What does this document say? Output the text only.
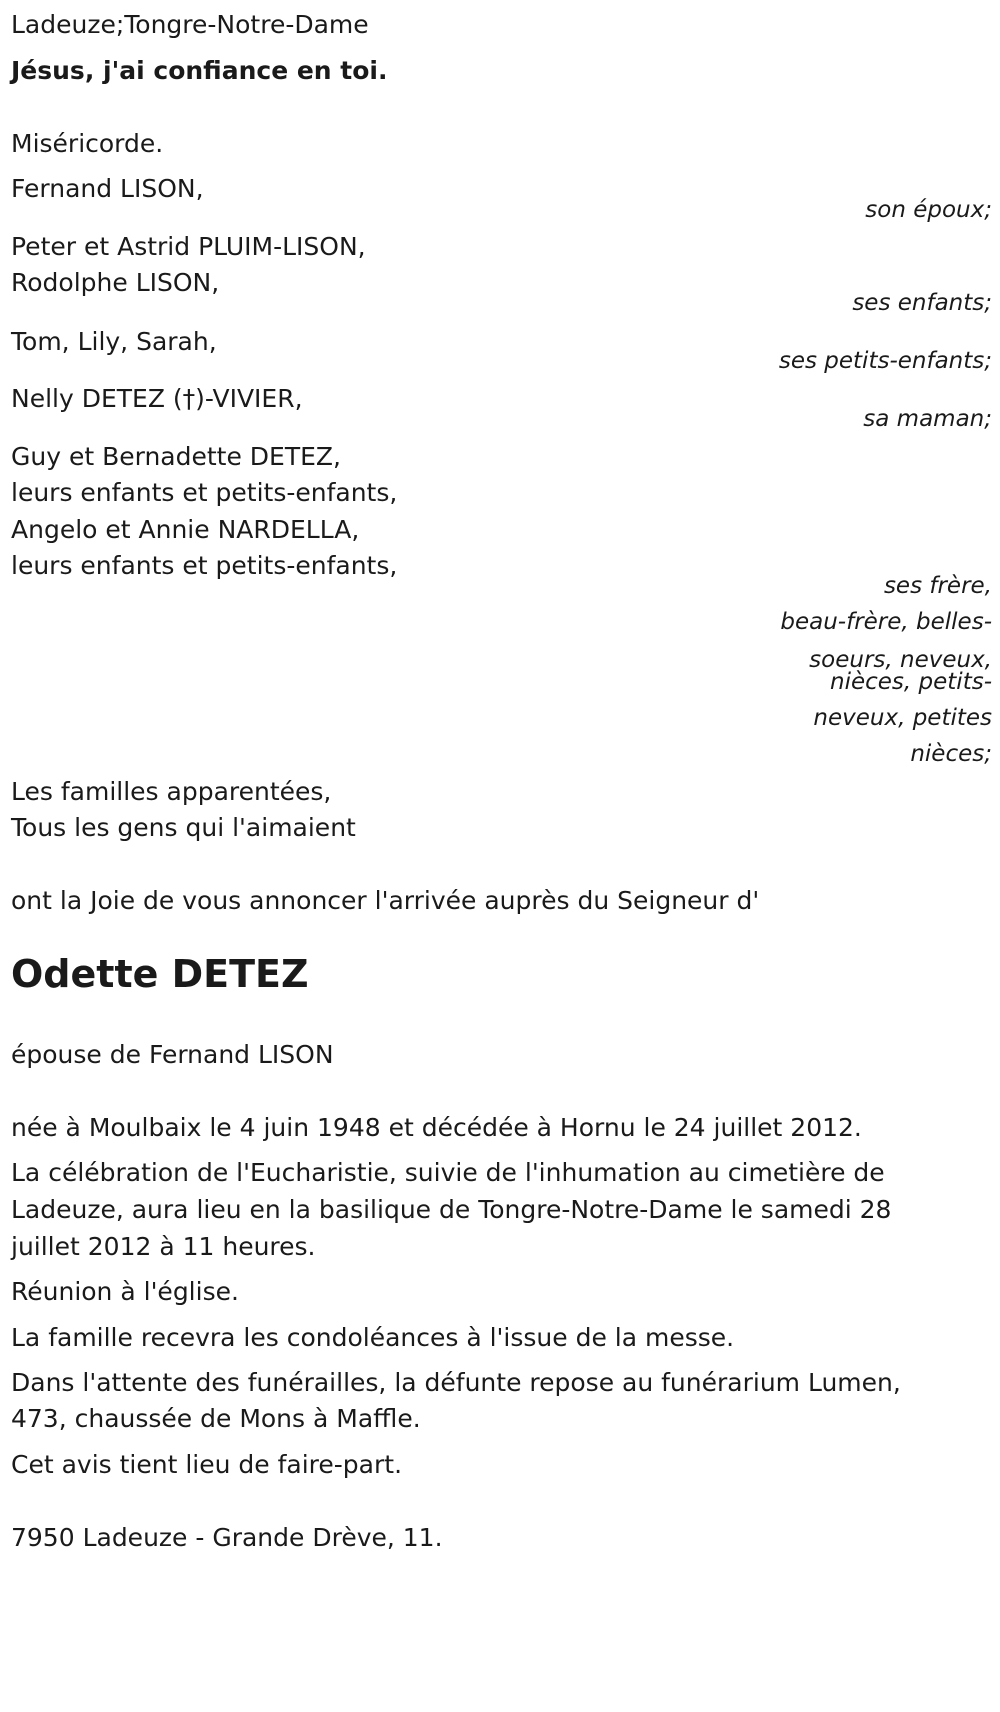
Ladeuze;Tongre-Notre-Dame
Jésus, j'ai confiance en toi.
Miséricorde.
Fernand LISON,
son époux;
Peter et Astrid PLUIM-LISON,
Rodolphe LISON,
ses enfants;
Tom, Lily, Sarah,
ses petits-enfants;
Nelly DETEZ (†)-VIVIER,
sa maman;
Guy et Bernadette DETEZ,
leurs enfants et petits-enfants,
Angelo et Annie NARDELLA,
leurs enfants et petits-enfants,
ses frère,
beau-frère, belles-
soeurs, neveux,
nièces, petits-
neveux, petites
nièces;
Les familles apparentées,
Tous les gens qui l'aimaient
ont la Joie de vous annoncer l'arrivée auprès du Seigneur d'
Odette DETEZ
épouse de Fernand LISON
née à Moulbaix le 4 juin 1948 et décédée à Hornu le 24 juillet 2012.
La célébration de l'Eucharistie, suivie de l'inhumation au cimetière de
Ladeuze, aura lieu en la basilique de Tongre-Notre-Dame le samedi 28
juillet 2012 à 11 heures.
Réunion à l'église.
La famille recevra les condoléances à l'issue de la messe.
Dans l'attente des funérailles, la défunte repose au funérarium Lumen,
473, chaussée de Mons à Maffle.
Cet avis tient lieu de faire-part.
7950 Ladeuze - Grande Drève, 11.
